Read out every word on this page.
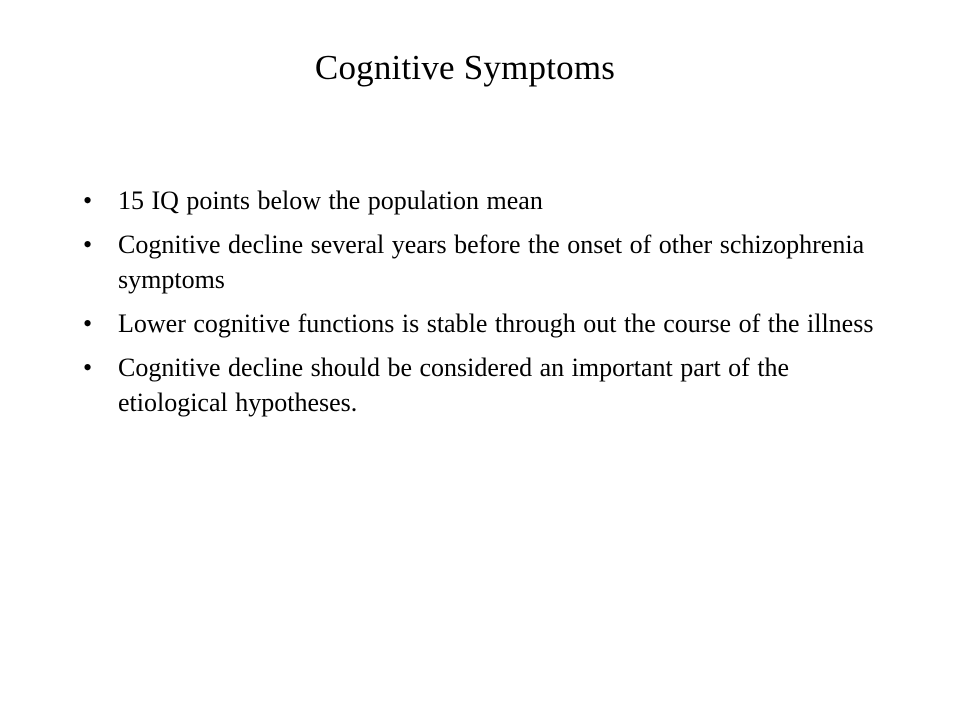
Cognitive Symptoms
• 15 IQ points below the population mean
• Cognitive decline several years before the onset of other schizophrenia symptoms
• Lower cognitive functions is stable through out the course of the illness
• Cognitive decline should be considered an important part of the etiological hypotheses.
